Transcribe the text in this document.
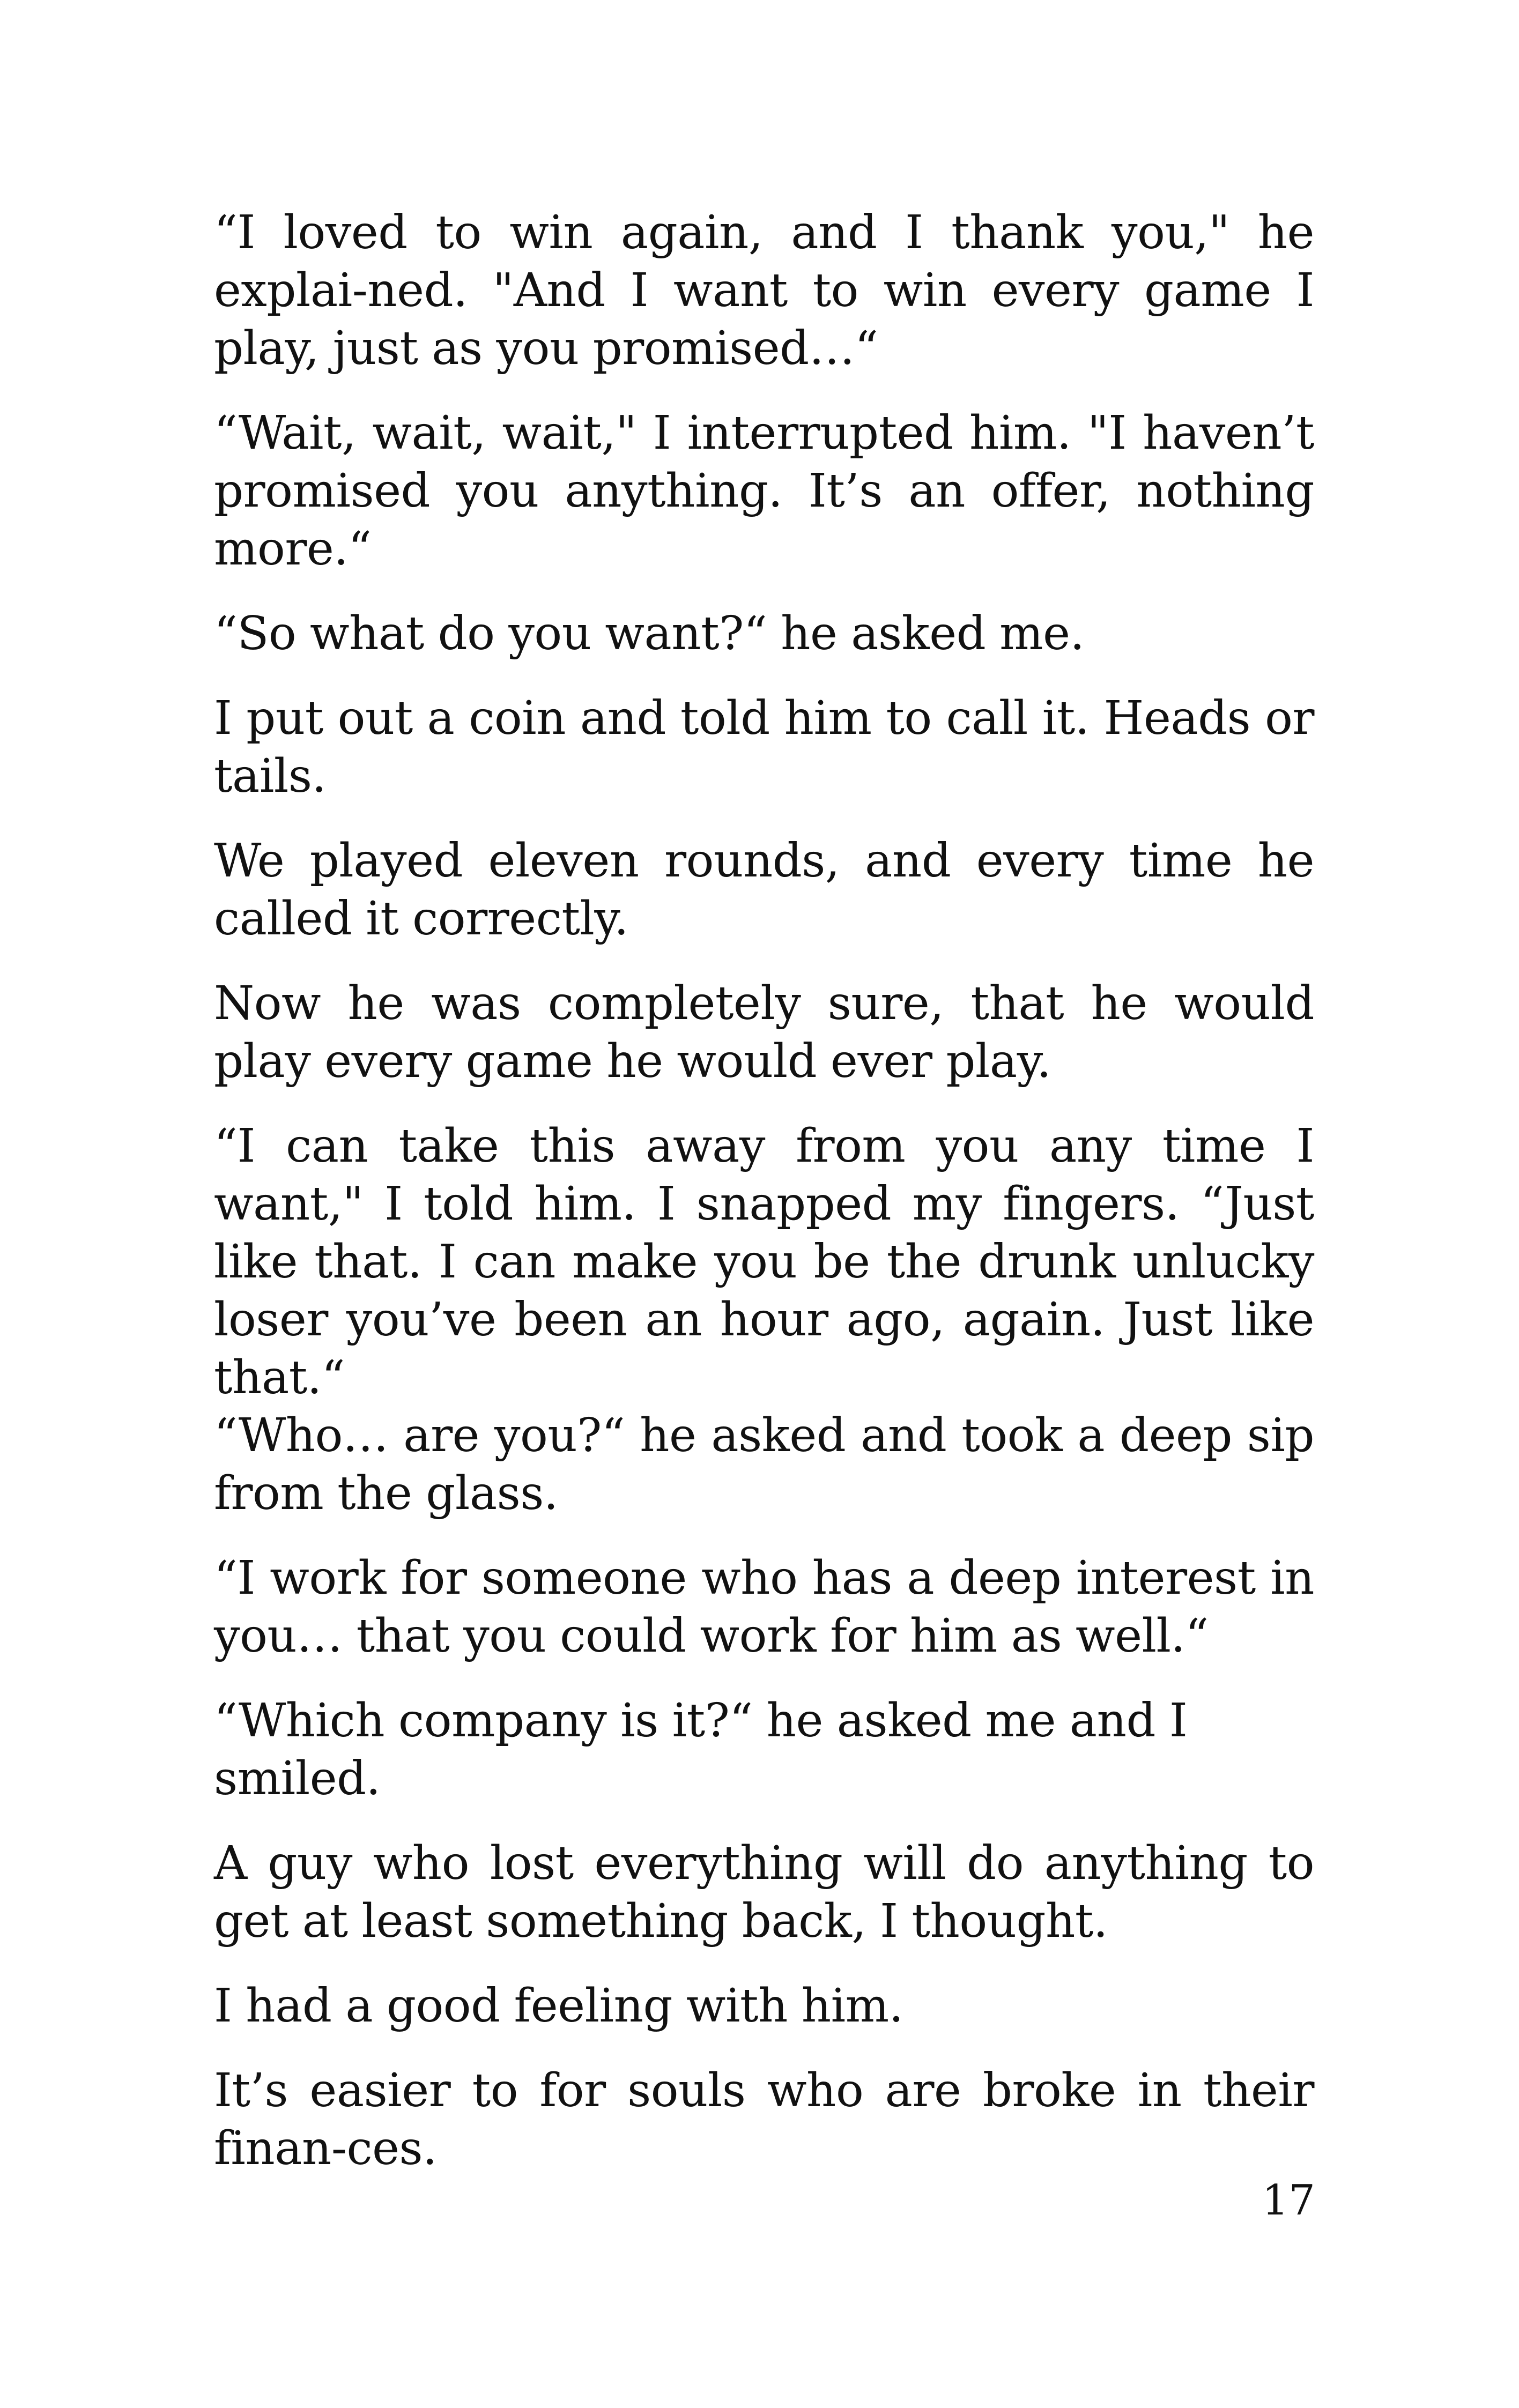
“I loved to win again, and I thank you," he explai-ned. "And I want to win every game I play, just as you promised…“

“Wait, wait, wait," I interrupted him. "I haven’t promised you anything. It’s an offer, nothing more.“

“So what do you want?“ he asked me.

I put out a coin and told him to call it. Heads or tails.

We played eleven rounds, and every time he called it correctly.

Now he was completely sure, that he would play every game he would ever play.

“I can take this away from you any time I want," I told him. I snapped my fingers. “Just like that. I can make you be the drunk unlucky loser you’ve been an hour ago, again. Just like that.“

“Who… are you?“ he asked and took a deep sip from the glass.

“I work for someone who has a deep interest in you… that you could work for him as well.“

“Which company is it?“ he asked me and I smiled.

A guy who lost everything will do anything to get at least something back, I thought.

I had a good feeling with him.

It’s easier to for souls who are broke in their finan-ces.

17
